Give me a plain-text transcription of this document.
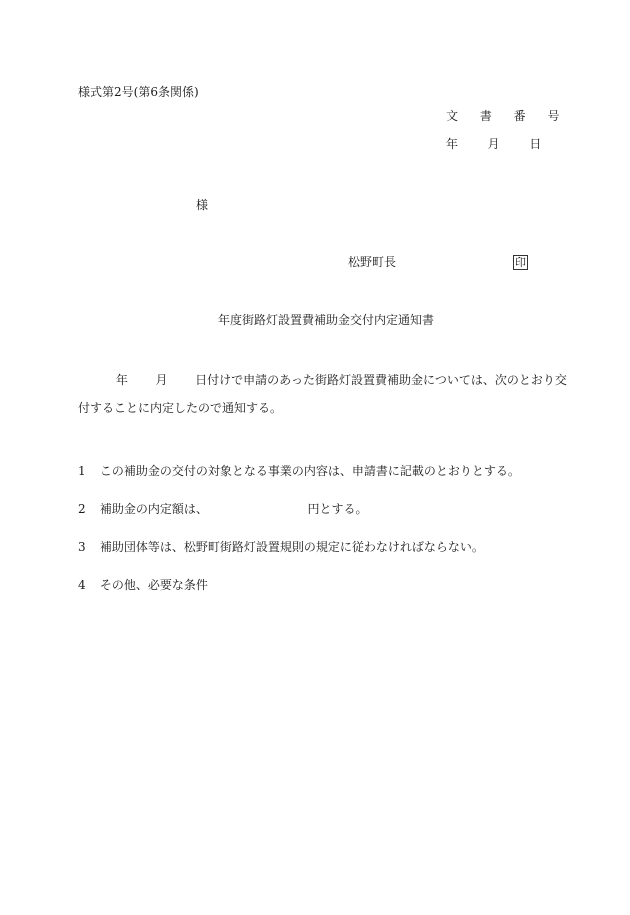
様式第2号(第6条関係)
文 書 番 号
年 月 日
様
松野町長	印
年度街路灯設置費補助金交付内定通知書
年 月 日付けで申請のあった街路灯設置費補助金については、次のとおり交
付することに内定したので通知する。
1 この補助金の交付の対象となる事業の内容は、申請書に記載のとおりとする。
2 補助金の内定額は、	円とする。
3 補助団体等は、松野町街路灯設置規則の規定に従わなければならない。
4 その他、必要な条件
